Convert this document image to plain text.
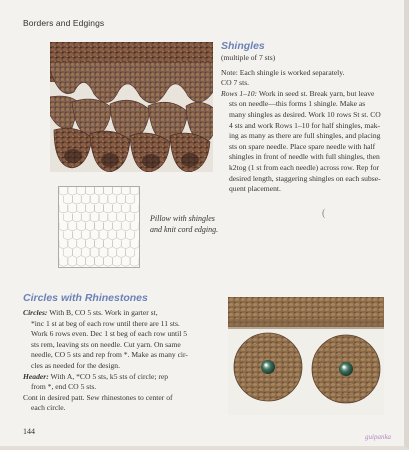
Borders and Edgings
Shingles
(multiple of 7 sts)
Note: Each shingle is worked separately.
CO 7 sts.
Rows 1–10: Work in seed st. Break yarn, but leave
sts on needle—this forms 1 shingle. Make as
many shingles as desired. Work 10 rows St st. CO
4 sts and work Rows 1–10 for half shingles, mak-
ing as many as there are full shingles, and placing
sts on spare needle. Place spare needle with half
shingles in front of needle with full shingles, then
k2tog (1 st from each needle) across row. Rep for
desired length, staggering shingles on each subse-
quent placement.
Pillow with shingles
and knit cord edging.
(
Circles with Rhinestones
Circles: With B, CO 5 sts. Work in garter st,
*inc 1 st at beg of each row until there are 11 sts.
Work 6 rows even. Dec 1 st beg of each row until 5
sts rem, leaving sts on needle. Cut yarn. On same
needle, CO 5 sts and rep from *. Make as many cir-
cles as needed for the design.
Header: With A, *CO 5 sts, k5 sts of circle; rep
from *, end CO 5 sts.
Cont in desired patt. Sew rhinestones to center of
each circle.
144
guipanka
